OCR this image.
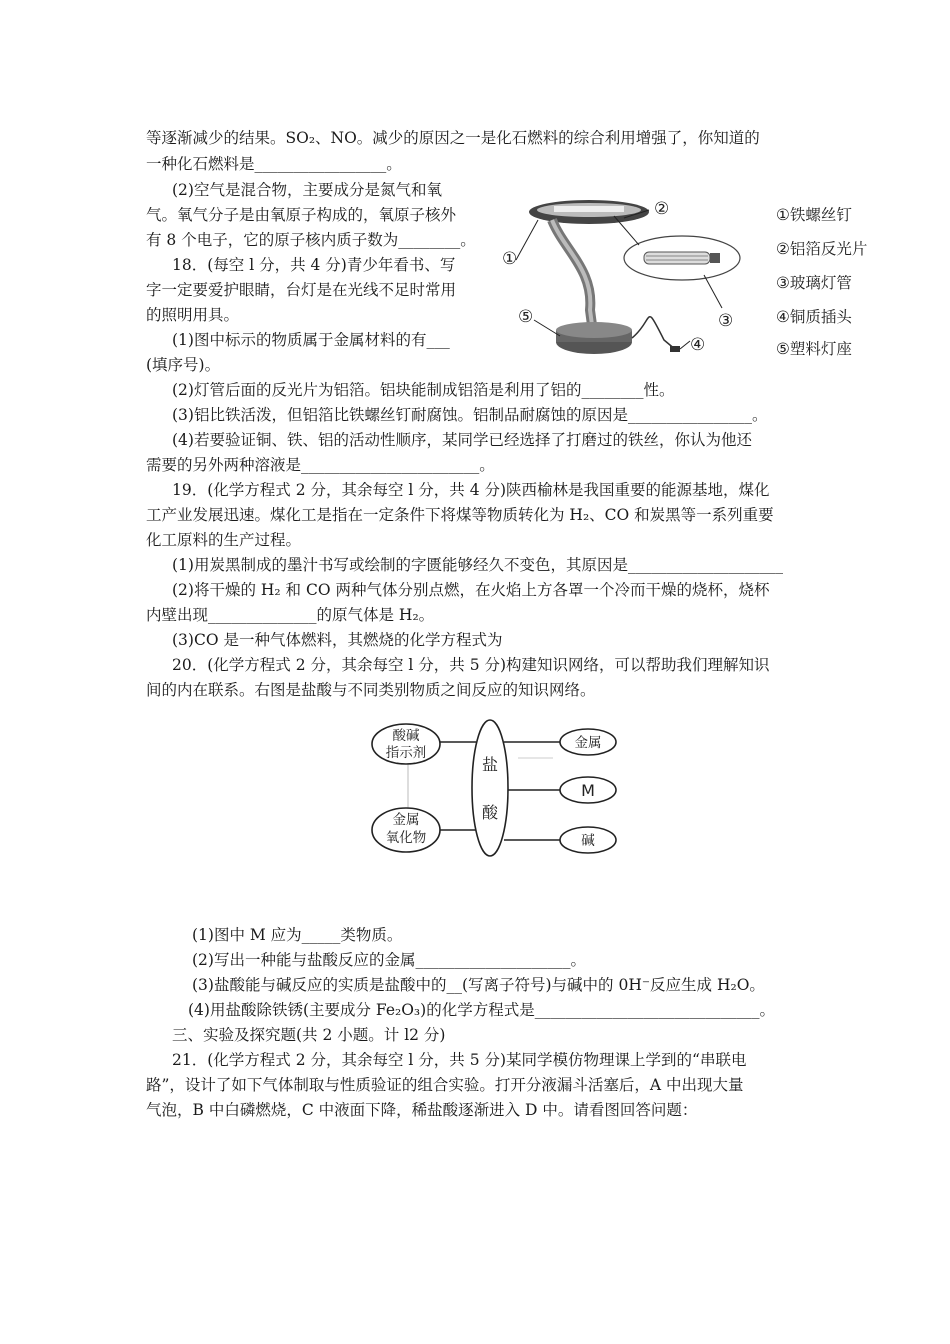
等逐渐减少的结果。SO₂、NO。减少的原因之一是化石燃料的综合利用增强了，你知道的
一种化石燃料是_________________。
(2)空气是混合物，主要成分是氮气和氧
气。氧气分子是由氧原子构成的，氧原子核外
有 8 个电子，它的原子核内质子数为________。
18．(每空 l 分，共 4 分)青少年看书、写
字一定要爱护眼睛，台灯是在光线不足时常用
的照明用具。
(1)图中标示的物质属于金属材料的有___
(填序号)。
(2)灯管后面的反光片为铝箔。铝块能制成铝箔是利用了铝的________性。
(3)铝比铁活泼，但铝箔比铁螺丝钉耐腐蚀。铝制品耐腐蚀的原因是________________。
(4)若要验证铜、铁、铝的活动性顺序，某同学已经选择了打磨过的铁丝，你认为他还
需要的另外两种溶液是_______________________。
19．(化学方程式 2 分，其余每空 l 分，共 4 分)陕西榆林是我国重要的能源基地，煤化
工产业发展迅速。煤化工是指在一定条件下将煤等物质转化为 H₂、CO 和炭黑等一系列重要
化工原料的生产过程。
(1)用炭黑制成的墨汁书写或绘制的字匮能够经久不变色，其原因是____________________
(2)将干燥的 H₂ 和 CO 两种气体分别点燃，在火焰上方各罩一个冷而干燥的烧杯，烧杯
内壁出现______________的原气体是 H₂。
(3)CO 是一种气体燃料，其燃烧的化学方程式为
20．(化学方程式 2 分，其余每空 l 分，共 5 分)构建知识网络，可以帮助我们理解知识
间的内在联系。右图是盐酸与不同类别物质之间反应的知识网络。
(1)图中 M 应为_____类物质。
(2)写出一种能与盐酸反应的金属____________________。
(3)盐酸能与碱反应的实质是盐酸中的__(写离子符号)与碱中的 0H⁻反应生成 H₂O。
(4)用盐酸除铁锈(主要成分 Fe₂O₃)的化学方程式是_____________________________。
三、实验及探究题(共 2 小题。计 l2 分)
21．(化学方程式 2 分，其余每空 l 分，共 5 分)某同学模仿物理课上学到的“串联电
路”，设计了如下气体制取与性质验证的组合实验。打开分液漏斗活塞后，A 中出现大量
气泡，B 中白磷燃烧，C 中液面下降，稀盐酸逐渐进入 D 中。请看图回答问题：
①
②
③
④
⑤
①铁螺丝钉
②铝箔反光片
③玻璃灯管
④铜质插头
⑤塑料灯座
盐
酸
酸碱
指示剂
金属
氧化物
金属
M
碱
